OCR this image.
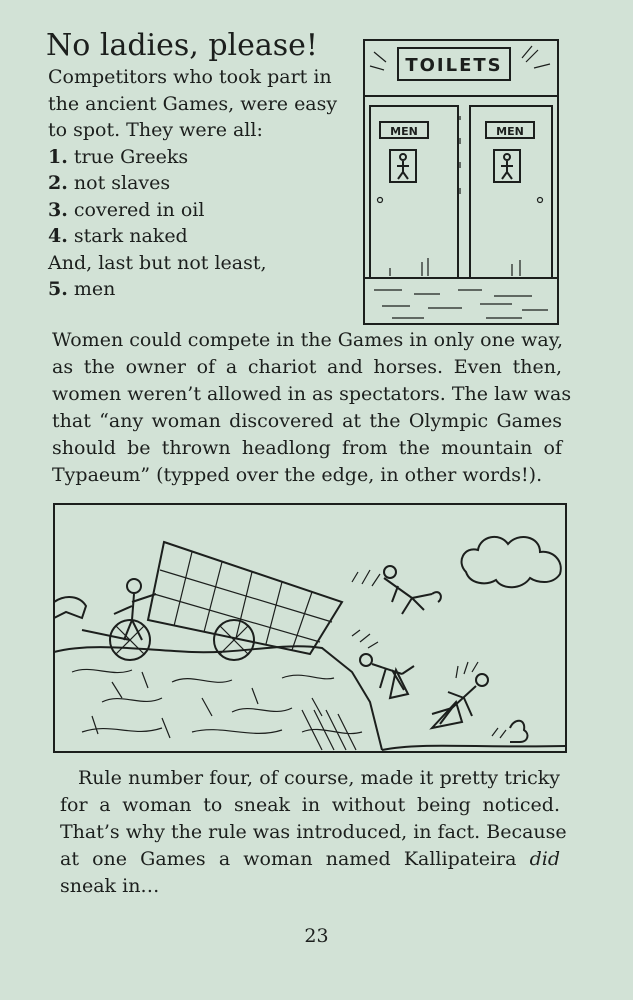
No ladies, please!
Competitors who took part in
the ancient Games, were easy
to spot. They were all:
1. true Greeks
2. not slaves
3. covered in oil
4. stark naked
And, last but not least,
5. men
TOILETS
MEN	MEN
Women could compete in the Games in only one way,
as the owner of a chariot and horses. Even then,
women weren’t allowed in as spectators. The law was
that “any woman discovered at the Olympic Games
should be thrown headlong from the mountain of
Typaeum” (typped over the edge, in other words!).
Rule number four, of course, made it pretty tricky
for a woman to sneak in without being noticed.
That’s why the rule was introduced, in fact. Because
at one Games a woman named Kallipateira did
sneak in…
23
